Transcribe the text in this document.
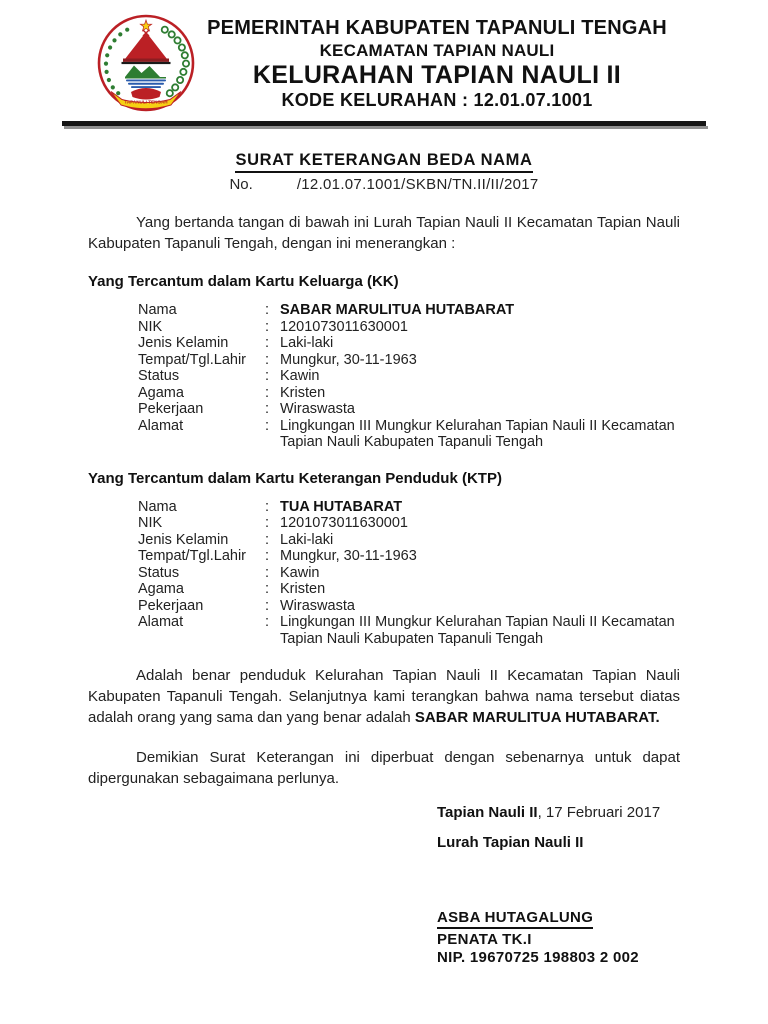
TAPANULI TENGAH
PEMERINTAH KABUPATEN TAPANULI TENGAH
KECAMATAN TAPIAN NAULI
KELURAHAN TAPIAN NAULI II
KODE KELURAHAN : 12.01.07.1001
SURAT KETERANGAN BEDA NAMA
No.	/12.01.07.1001/SKBN/TN.II/II/2017

Yang bertanda tangan di bawah ini Lurah Tapian Nauli II Kecamatan Tapian Nauli Kabupaten Tapanuli Tengah, dengan ini menerangkan :

Yang Tercantum dalam Kartu Keluarga (KK)
Nama	: SABAR MARULITUA HUTABARAT
NIK	: 1201073011630001
Jenis Kelamin	: Laki-laki
Tempat/Tgl.Lahir	: Mungkur, 30-11-1963
Status	: Kawin
Agama	: Kristen
Pekerjaan	: Wiraswasta
Alamat	: Lingkungan III Mungkur Kelurahan Tapian Nauli II Kecamatan Tapian Nauli Kabupaten Tapanuli Tengah
Yang Tercantum dalam Kartu Keterangan Penduduk (KTP)
Nama	: TUA HUTABARAT
NIK	: 1201073011630001
Jenis Kelamin	: Laki-laki
Tempat/Tgl.Lahir	: Mungkur, 30-11-1963
Status	: Kawin
Agama	: Kristen
Pekerjaan	: Wiraswasta
Alamat	: Lingkungan III Mungkur Kelurahan Tapian Nauli II Kecamatan Tapian Nauli Kabupaten Tapanuli Tengah

Adalah benar penduduk Kelurahan Tapian Nauli II Kecamatan Tapian Nauli Kabupaten Tapanuli Tengah. Selanjutnya kami terangkan bahwa nama tersebut diatas adalah orang yang sama dan yang benar adalah SABAR MARULITUA HUTABARAT.

Demikian Surat Keterangan ini diperbuat dengan sebenarnya untuk dapat dipergunakan sebagaimana perlunya.

Tapian Nauli II, 17 Februari 2017
Lurah Tapian Nauli II
ASBA HUTAGALUNG
PENATA TK.I
NIP. 19670725 198803 2 002
